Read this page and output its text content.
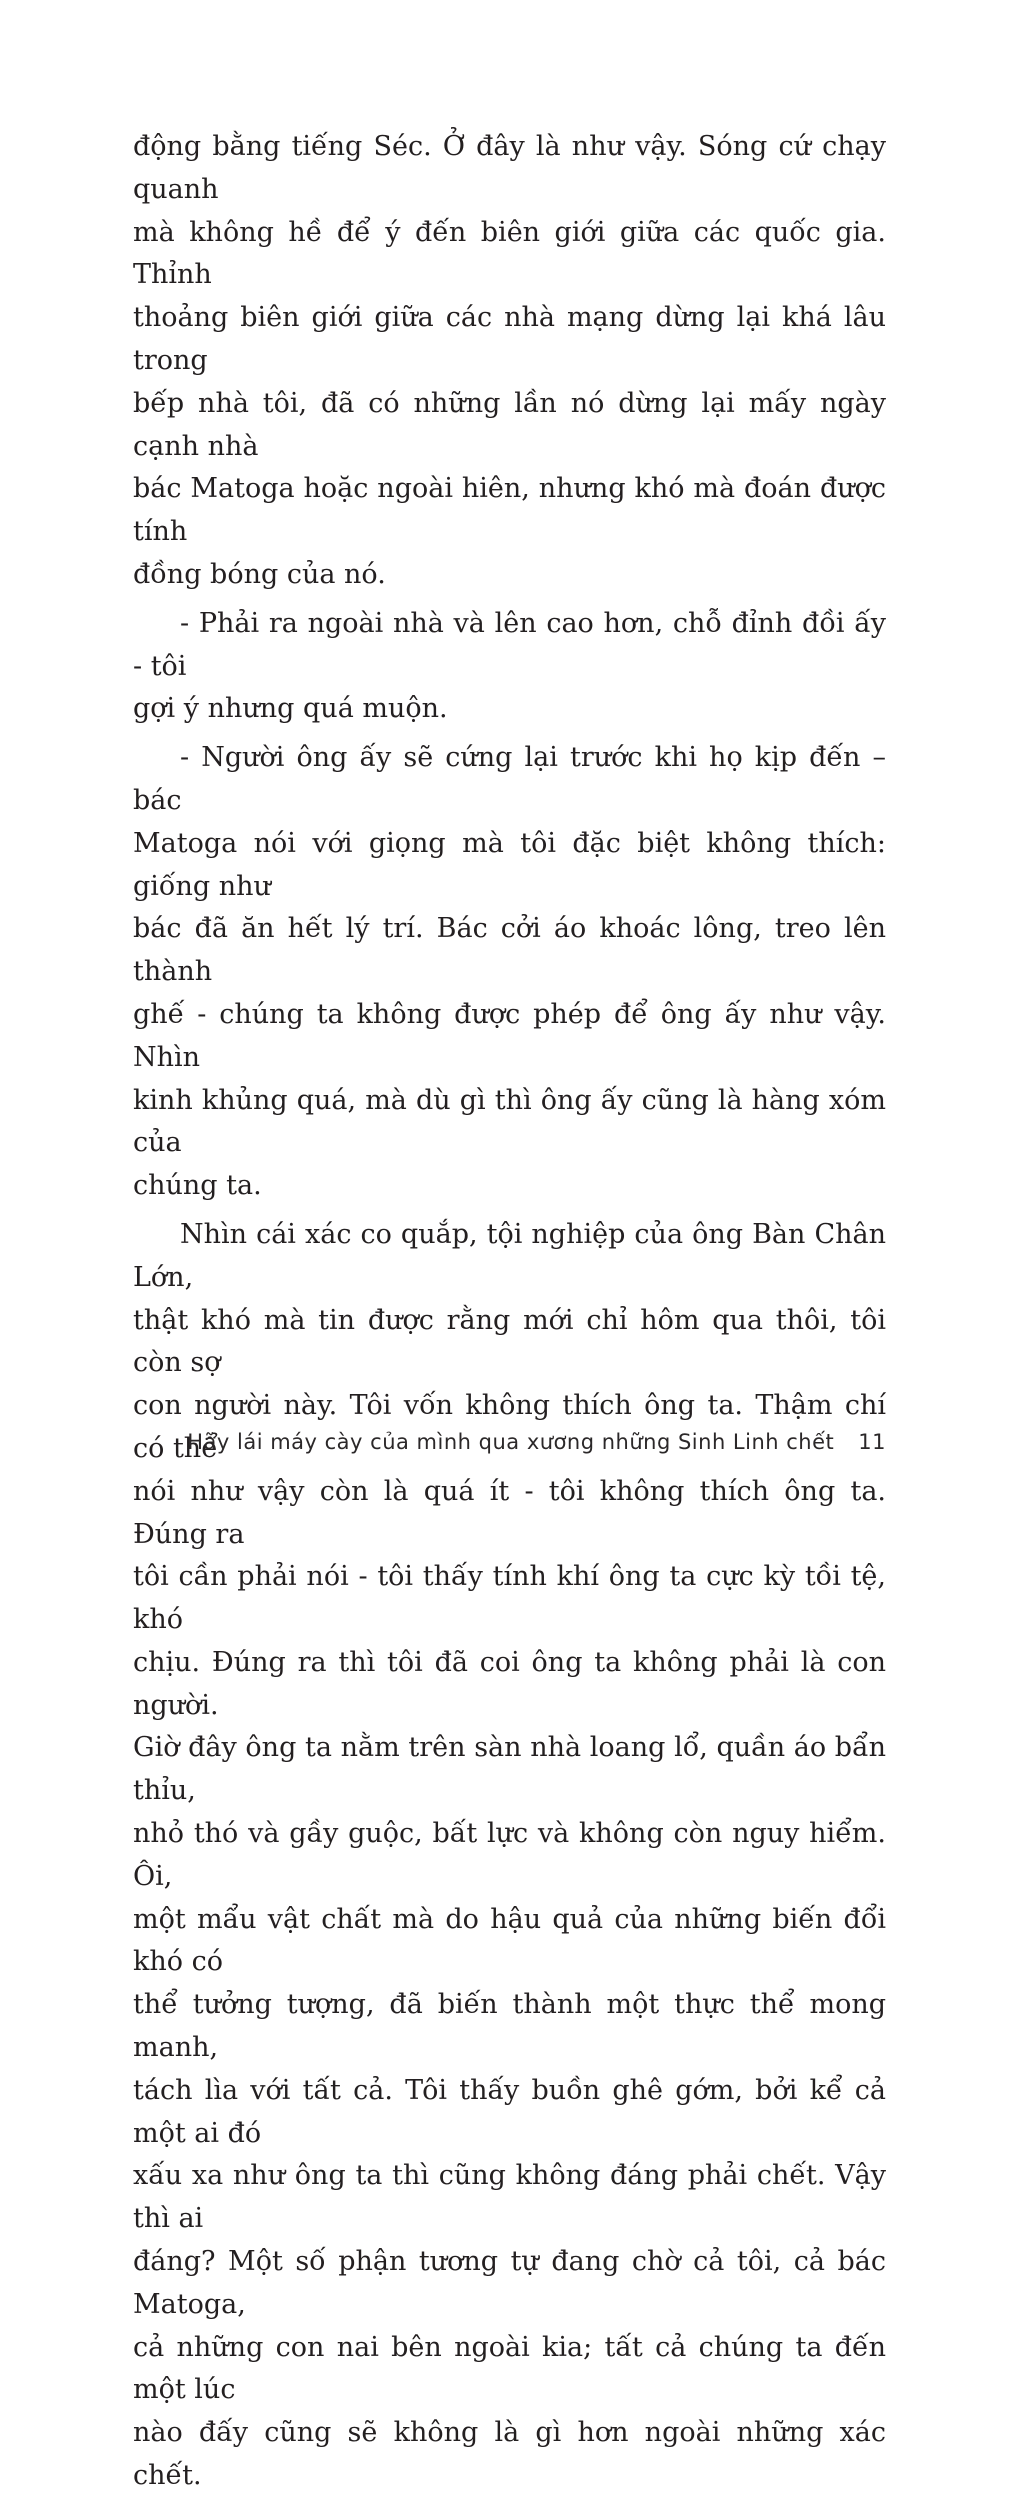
động bằng tiếng Séc. Ở đây là như vậy. Sóng cứ chạy quanh
mà không hề để ý đến biên giới giữa các quốc gia. Thỉnh
thoảng biên giới giữa các nhà mạng dừng lại khá lâu trong
bếp nhà tôi, đã có những lần nó dừng lại mấy ngày cạnh nhà
bác Matoga hoặc ngoài hiên, nhưng khó mà đoán được tính
đồng bóng của nó.

- Phải ra ngoài nhà và lên cao hơn, chỗ đỉnh đồi ấy - tôi
gợi ý nhưng quá muộn.

- Người ông ấy sẽ cứng lại trước khi họ kịp đến – bác
Matoga nói với giọng mà tôi đặc biệt không thích: giống như
bác đã ăn hết lý trí. Bác cởi áo khoác lông, treo lên thành
ghế - chúng ta không được phép để ông ấy như vậy. Nhìn
kinh khủng quá, mà dù gì thì ông ấy cũng là hàng xóm của
chúng ta.

Nhìn cái xác co quắp, tội nghiệp của ông Bàn Chân Lớn,
thật khó mà tin được rằng mới chỉ hôm qua thôi, tôi còn sợ
con người này. Tôi vốn không thích ông ta. Thậm chí có thể
nói như vậy còn là quá ít - tôi không thích ông ta. Đúng ra
tôi cần phải nói - tôi thấy tính khí ông ta cực kỳ tồi tệ, khó
chịu. Đúng ra thì tôi đã coi ông ta không phải là con người.
Giờ đây ông ta nằm trên sàn nhà loang lổ, quần áo bẩn thỉu,
nhỏ thó và gầy guộc, bất lực và không còn nguy hiểm. Ôi,
một mẩu vật chất mà do hậu quả của những biến đổi khó có
thể tưởng tượng, đã biến thành một thực thể mong manh,
tách lìa với tất cả. Tôi thấy buồn ghê gớm, bởi kể cả một ai đó
xấu xa như ông ta thì cũng không đáng phải chết. Vậy thì ai
đáng? Một số phận tương tự đang chờ cả tôi, cả bác Matoga,
cả những con nai bên ngoài kia; tất cả chúng ta đến một lúc
nào đấy cũng sẽ không là gì hơn ngoài những xác chết.

Hãy lái máy cày của mình qua xương những Sinh Linh chết 11
